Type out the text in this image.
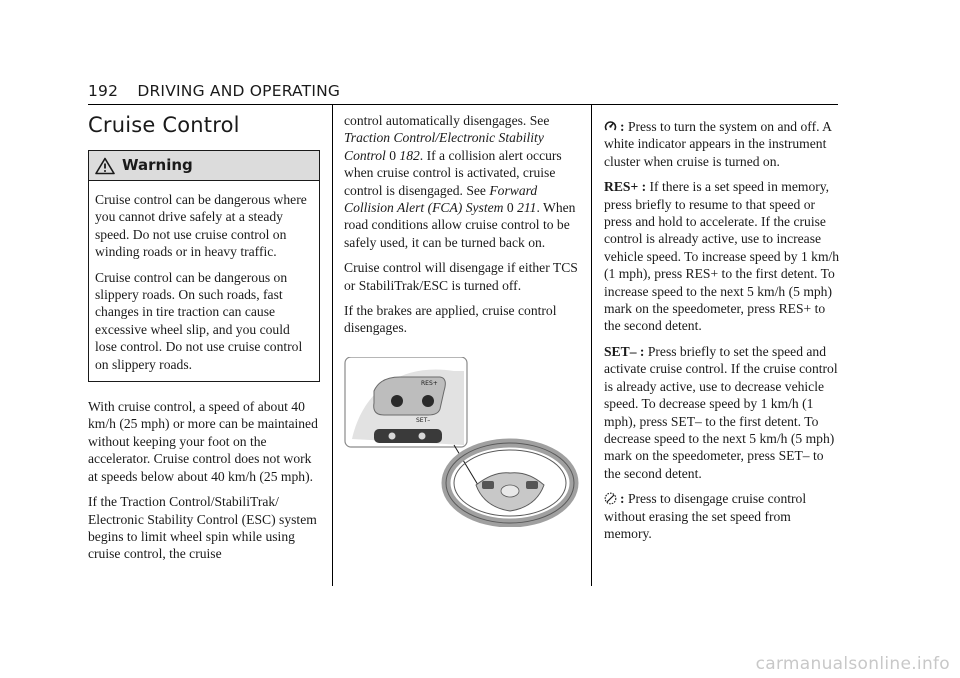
192 DRIVING AND OPERATING
Cruise Control
Warning

Cruise control can be dangerous where you cannot drive safely at a steady speed. Do not use cruise control on winding roads or in heavy traffic.

Cruise control can be dangerous on slippery roads. On such roads, fast changes in tire traction can cause excessive wheel slip, and you could lose control. Do not use cruise control on slippery roads.

With cruise control, a speed of about 40 km/h (25 mph) or more can be maintained without keeping your foot on the accelerator. Cruise control does not work at speeds below about 40 km/h (25 mph).

If the Traction Control/StabiliTrak/ Electronic Stability Control (ESC) system begins to limit wheel spin while using cruise control, the cruise

control automatically disengages. See Traction Control/Electronic Stability Control 0 182. If a collision alert occurs when cruise control is activated, cruise control is disengaged. See Forward Collision Alert (FCA) System 0 211. When road conditions allow cruise control to be safely used, it can be turned back on.

Cruise control will disengage if either TCS or StabiliTrak/ESC is turned off.

If the brakes are applied, cruise control disengages.

RES+
SET–

: Press to turn the system on and off. A white indicator appears in the instrument cluster when cruise is turned on.

RES+ : If there is a set speed in memory, press briefly to resume to that speed or press and hold to accelerate. If the cruise control is already active, use to increase vehicle speed. To increase speed by 1 km/h (1 mph), press RES+ to the first detent. To increase speed to the next 5 km/h (5 mph) mark on the speedometer, press RES+ to the second detent.

SET– : Press briefly to set the speed and activate cruise control. If the cruise control is already active, use to decrease vehicle speed. To decrease speed by 1 km/h (1 mph), press SET– to the first detent. To decrease speed to the next 5 km/h (5 mph) mark on the speedometer, press SET– to the second detent.

: Press to disengage cruise control without erasing the set speed from memory.

carmanualsonline.info
